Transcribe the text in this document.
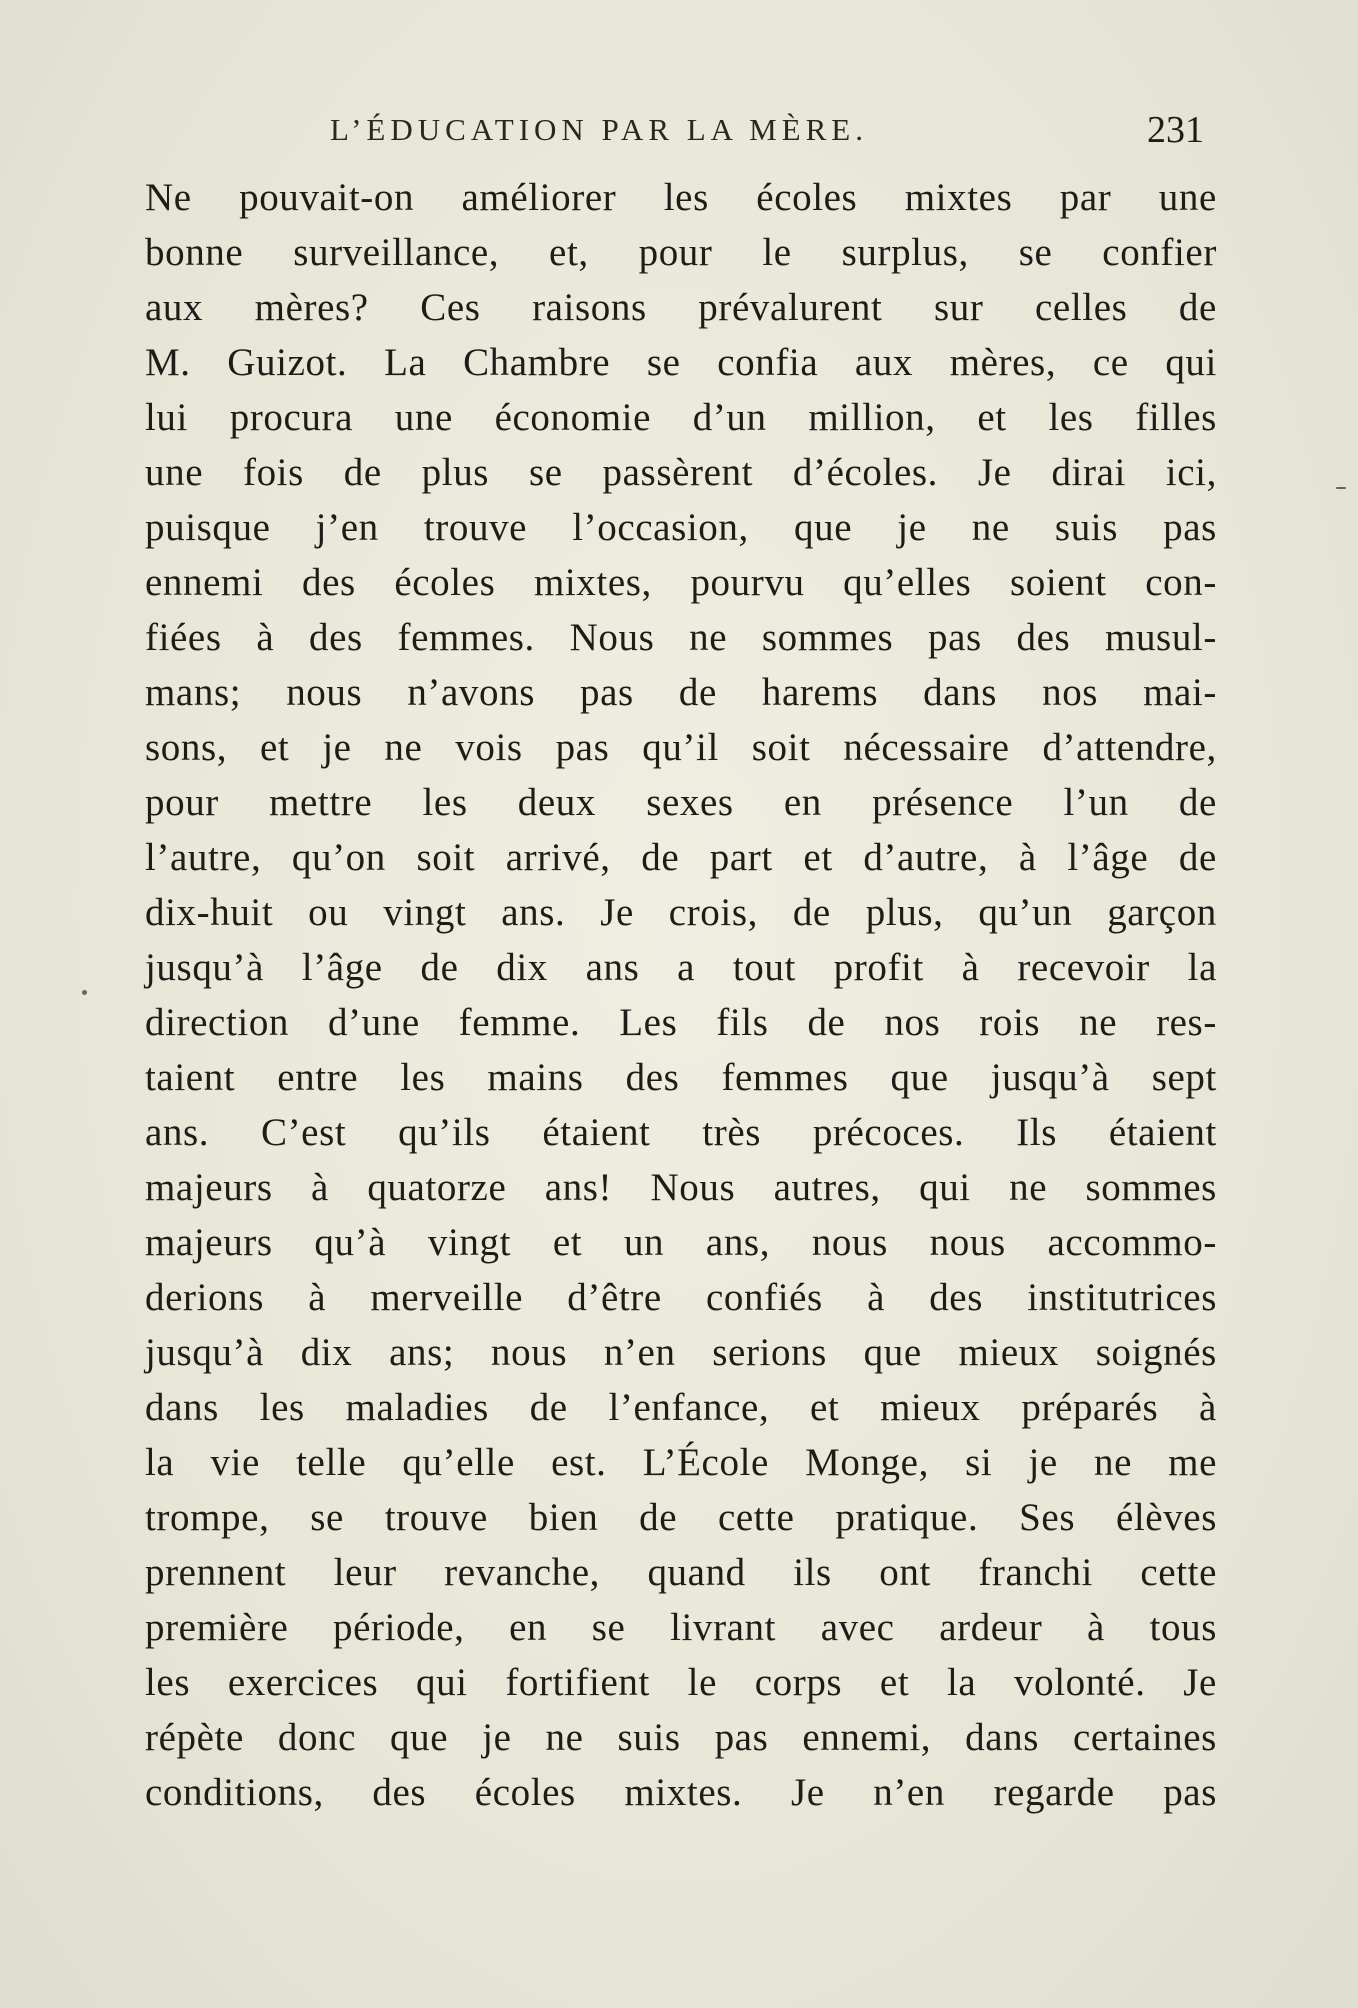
L’ÉDUCATION PAR LA MÈRE.	231
Ne pouvait-on améliorer les écoles mixtes par une
bonne surveillance, et, pour le surplus, se confier
aux mères? Ces raisons prévalurent sur celles de
M. Guizot. La Chambre se confia aux mères, ce qui
lui procura une économie d’un million, et les filles
une fois de plus se passèrent d’écoles. Je dirai ici,
puisque j’en trouve l’occasion, que je ne suis pas
ennemi des écoles mixtes, pourvu qu’elles soient con-
fiées à des femmes. Nous ne sommes pas des musul-
mans; nous n’avons pas de harems dans nos mai-
sons, et je ne vois pas qu’il soit nécessaire d’attendre,
pour mettre les deux sexes en présence l’un de
l’autre, qu’on soit arrivé, de part et d’autre, à l’âge de
dix-huit ou vingt ans. Je crois, de plus, qu’un garçon
jusqu’à l’âge de dix ans a tout profit à recevoir la
direction d’une femme. Les fils de nos rois ne res-
taient entre les mains des femmes que jusqu’à sept
ans. C’est qu’ils étaient très précoces. Ils étaient
majeurs à quatorze ans! Nous autres, qui ne sommes
majeurs qu’à vingt et un ans, nous nous accommo-
derions à merveille d’être confiés à des institutrices
jusqu’à dix ans; nous n’en serions que mieux soignés
dans les maladies de l’enfance, et mieux préparés à
la vie telle qu’elle est. L’École Monge, si je ne me
trompe, se trouve bien de cette pratique. Ses élèves
prennent leur revanche, quand ils ont franchi cette
première période, en se livrant avec ardeur à tous
les exercices qui fortifient le corps et la volonté. Je
répète donc que je ne suis pas ennemi, dans certaines
conditions, des écoles mixtes. Je n’en regarde pas
